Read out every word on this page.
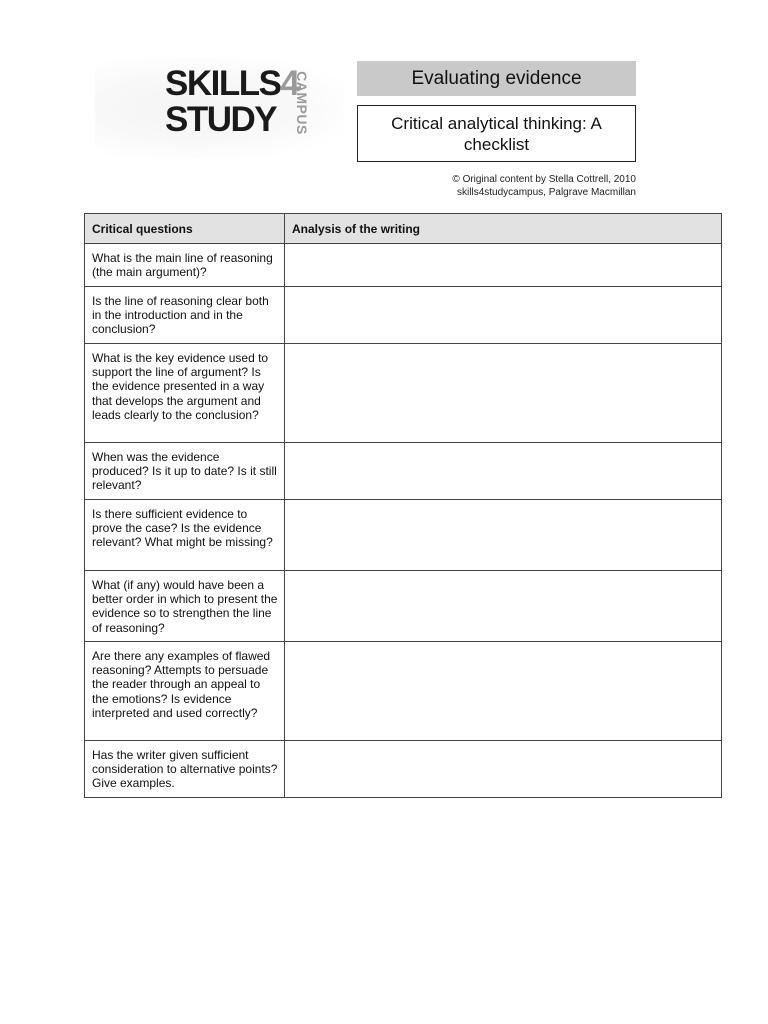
SKILLS4
STUDY CAMPUS	Evaluating evidence
Critical analytical thinking: A checklist
© Original content by Stella Cottrell, 2010
skills4studycampus, Palgrave Macmillan
Critical questions	Analysis of the writing
What is the main line of reasoning (the main argument)?	
Is the line of reasoning clear both in the introduction and in the conclusion?	
What is the key evidence used to support the line of argument? Is the evidence presented in a way that develops the argument and leads clearly to the conclusion?	
When was the evidence produced? Is it up to date? Is it still relevant?	
Is there sufficient evidence to prove the case? Is the evidence relevant? What might be missing?	
What (if any) would have been a better order in which to present the evidence so to strengthen the line of reasoning?	
Are there any examples of flawed reasoning? Attempts to persuade the reader through an appeal to the emotions? Is evidence interpreted and used correctly?	
Has the writer given sufficient consideration to alternative points? Give examples.	
